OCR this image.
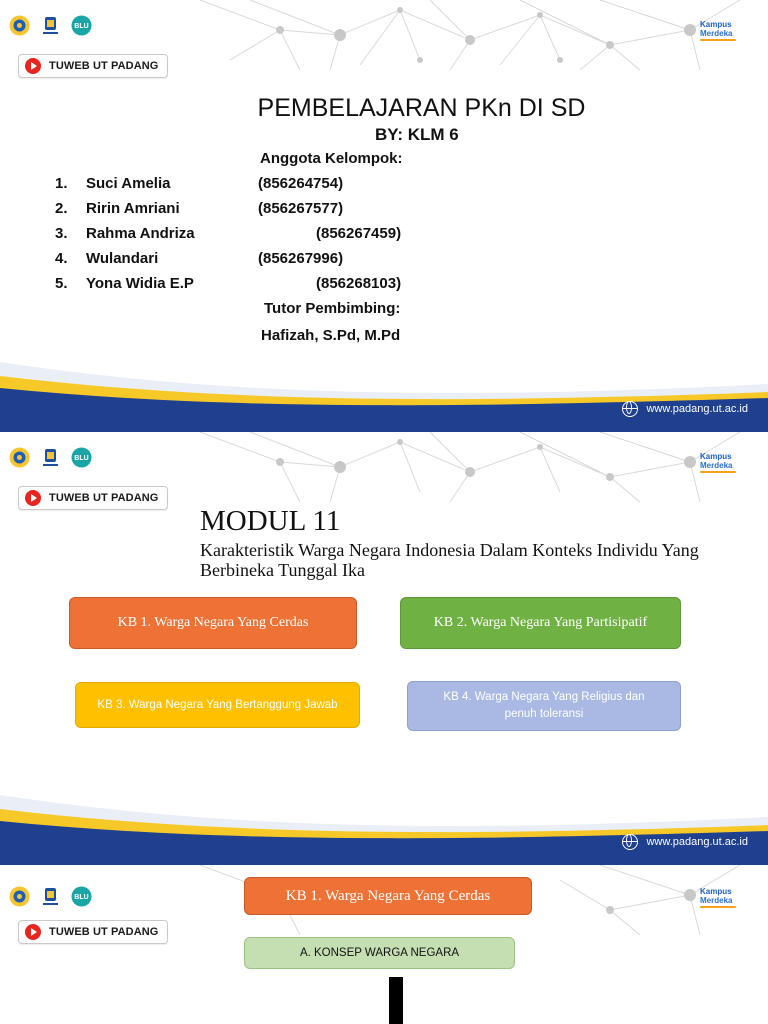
BLU	Kampus
Merdeka
TUWEB UT PADANG
PEMBELAJARAN PKn DI SD
BY: KLM 6
Anggota Kelompok:
1. Suci Amelia	(856264754)
2. Ririn Amriani	(856267577)
3. Rahma Andriza	(856267459)
4. Wulandari	(856267996)
5. Yona Widia E.P	(856268103)
Tutor Pembimbing:
Hafizah, S.Pd, M.Pd
www.padang.ut.ac.id
BLU	Kampus
Merdeka
TUWEB UT PADANG
MODUL 11
Karakteristik Warga Negara Indonesia Dalam Konteks Individu Yang Berbineka Tunggal Ika
KB 1. Warga Negara Yang Cerdas	KB 2. Warga Negara Yang Partisipatif
KB 3. Warga Negara Yang Bertanggung Jawab
KB 4. Warga Negara Yang Religius dan penuh toleransi
www.padang.ut.ac.id
BLU
Kampus
Merdeka
TUWEB UT PADANG
KB 1. Warga Negara Yang Cerdas
A. KONSEP WARGA NEGARA
